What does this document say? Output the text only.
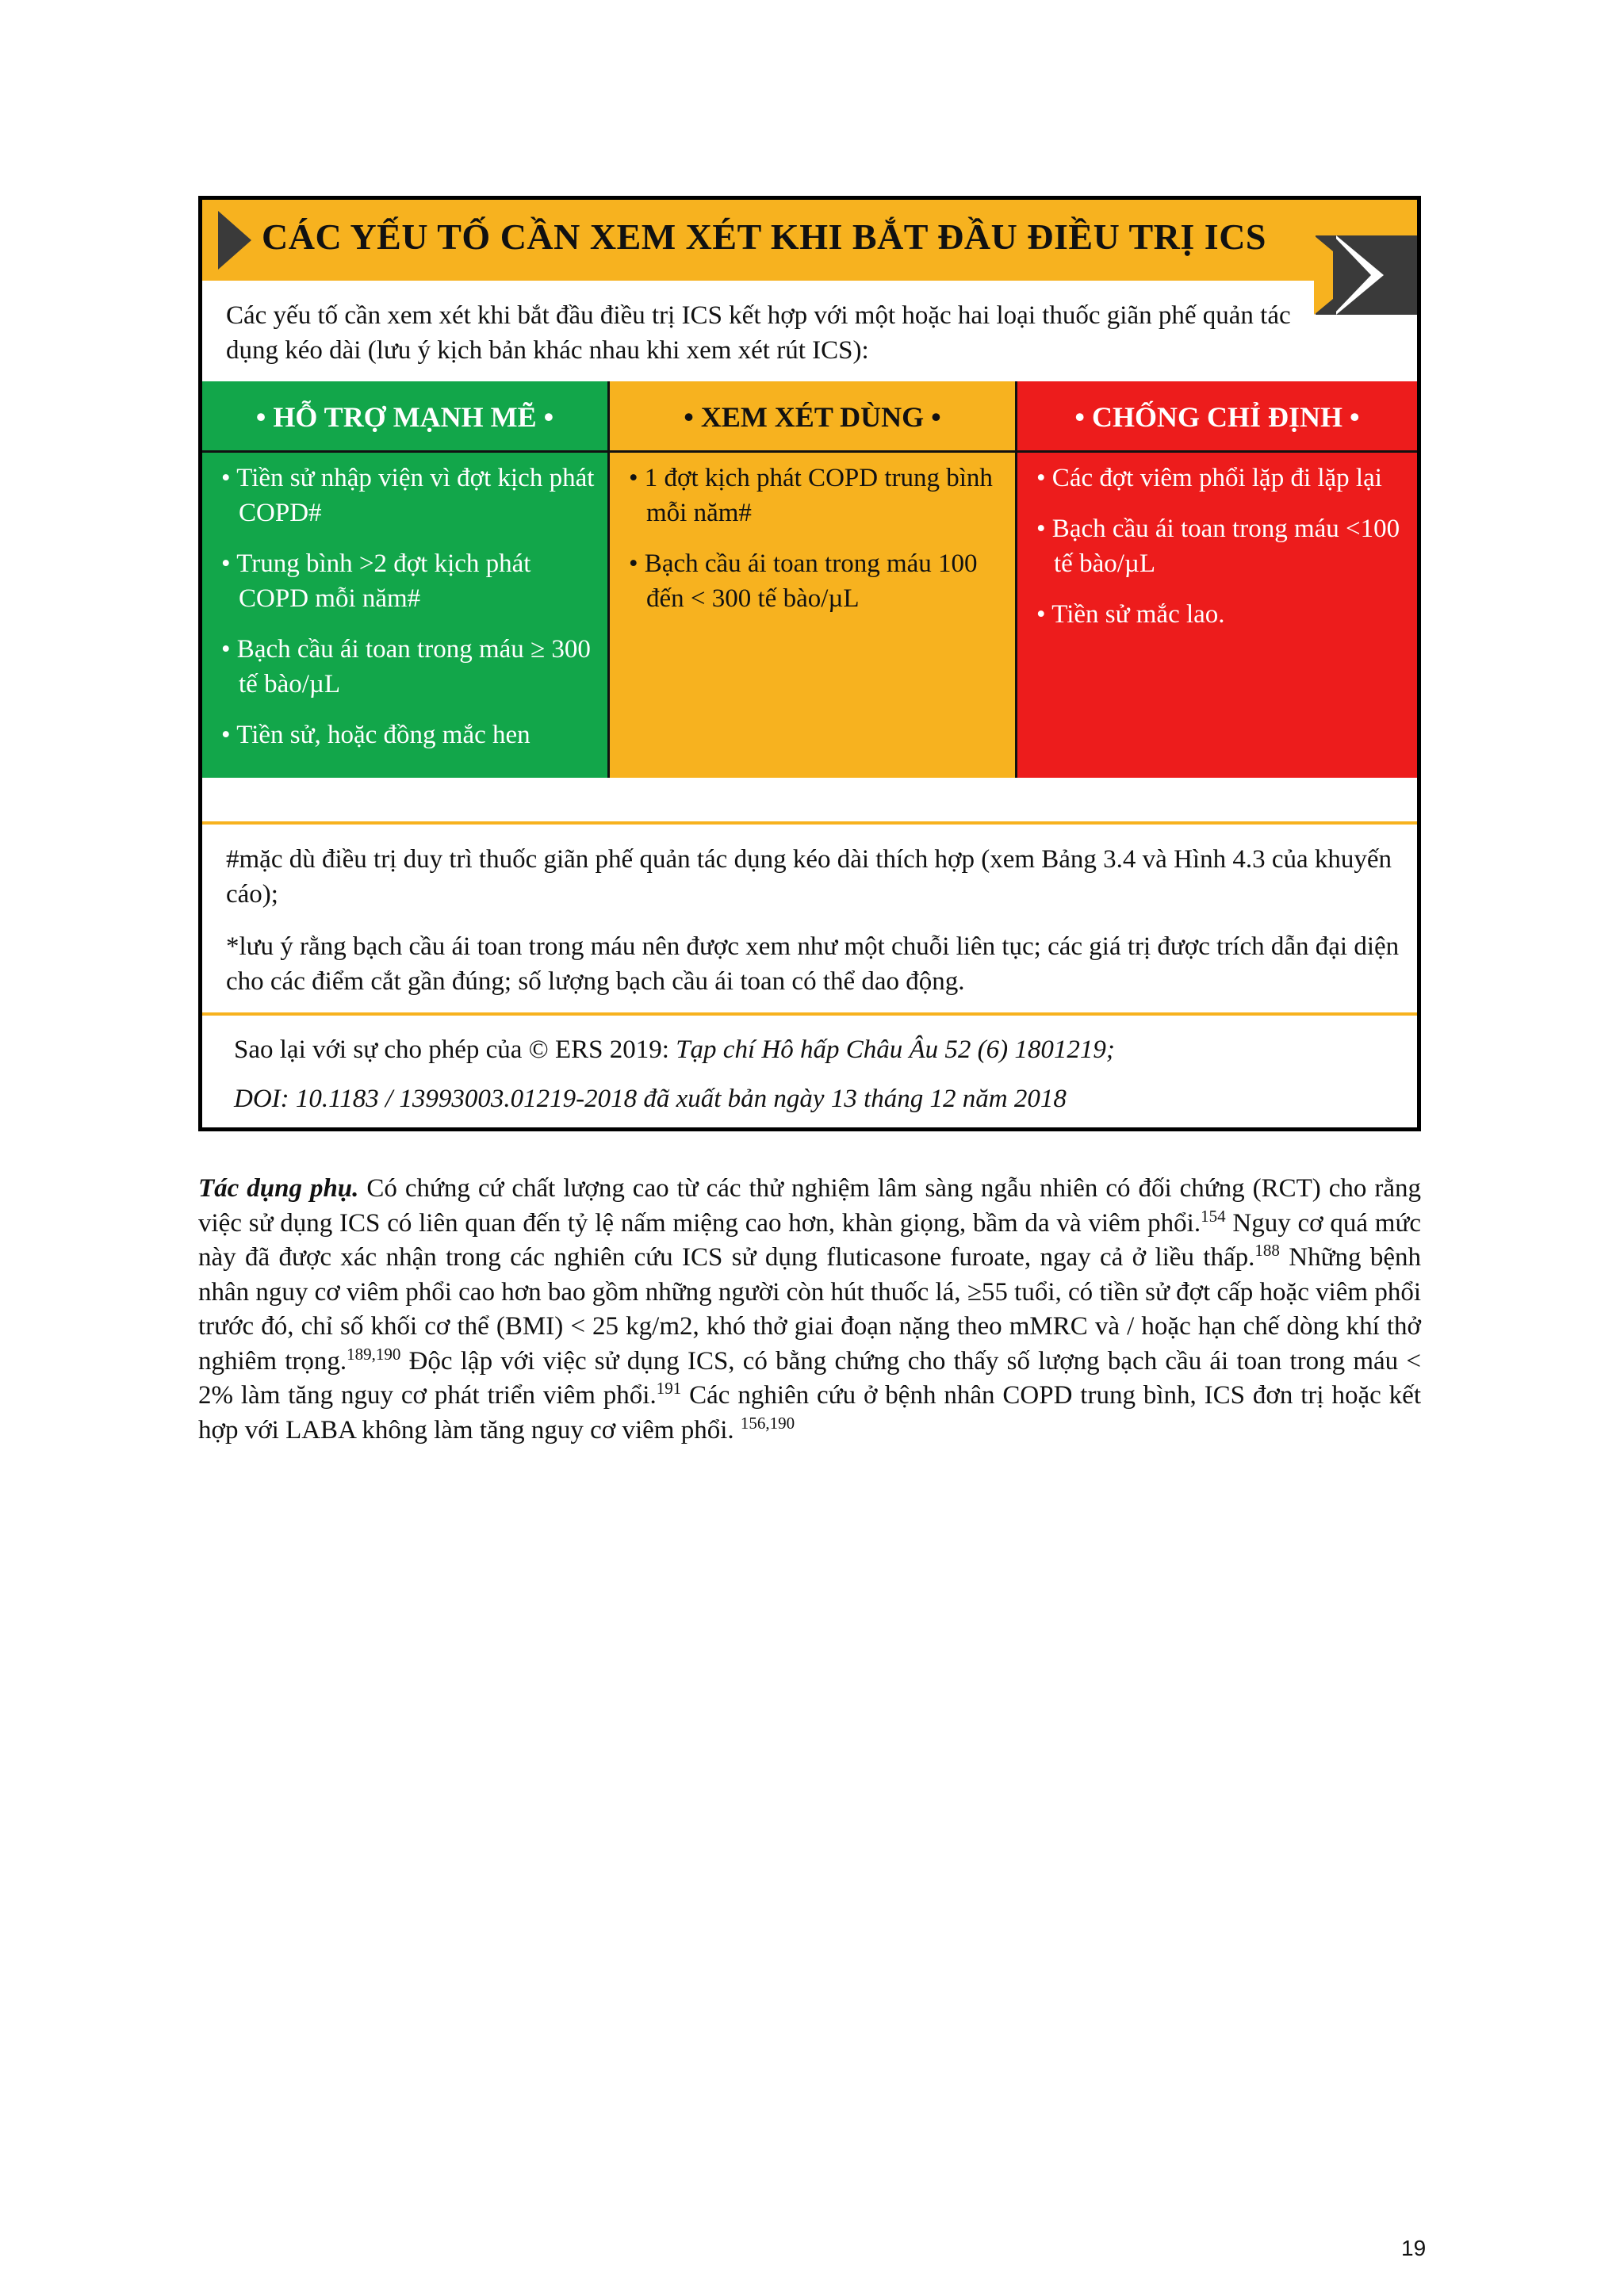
CÁC YẾU TỐ CẦN XEM XÉT KHI BẮT ĐẦU ĐIỀU TRỊ ICS
Các yếu tố cần xem xét khi bắt đầu điều trị ICS kết hợp với một hoặc hai loại thuốc giãn phế quản tác dụng kéo dài (lưu ý kịch bản khác nhau khi xem xét rút ICS):
• HỖ TRỢ MẠNH MẼ •
• Tiền sử nhập viện vì đợt kịch phát COPD#
• Trung bình >2 đợt kịch phát COPD mỗi năm#
• Bạch cầu ái toan trong máu ≥ 300 tế bào/µL
• Tiền sử, hoặc đồng mắc hen
• XEM XÉT DÙNG •
• 1 đợt kịch phát COPD trung bình mỗi năm#
• Bạch cầu ái toan trong máu 100 đến < 300 tế bào/µL
• CHỐNG CHỈ ĐỊNH •
• Các đợt viêm phổi lặp đi lặp lại
• Bạch cầu ái toan trong máu <100 tế bào/µL
• Tiền sử mắc lao.
#mặc dù điều trị duy trì thuốc giãn phế quản tác dụng kéo dài thích hợp (xem Bảng 3.4 và Hình 4.3 của khuyến cáo);
*lưu ý rằng bạch cầu ái toan trong máu nên được xem như một chuỗi liên tục; các giá trị được trích dẫn đại diện cho các điểm cắt gần đúng; số lượng bạch cầu ái toan có thể dao động.
Sao lại với sự cho phép của © ERS 2019: Tạp chí Hô hấp Châu Âu 52 (6) 1801219;
DOI: 10.1183 / 13993003.01219-2018 đã xuất bản ngày 13 tháng 12 năm 2018
Tác dụng phụ. Có chứng cứ chất lượng cao từ các thử nghiệm lâm sàng ngẫu nhiên có đối chứng (RCT) cho rằng việc sử dụng ICS có liên quan đến tỷ lệ nấm miệng cao hơn, khàn giọng, bầm da và viêm phổi.$^{154}$ Nguy cơ quá mức này đã được xác nhận trong các nghiên cứu ICS sử dụng fluticasone furoate, ngay cả ở liều thấp.$^{188}$ Những bệnh nhân nguy cơ viêm phổi cao hơn bao gồm những người còn hút thuốc lá, ≥55 tuổi, có tiền sử đợt cấp hoặc viêm phổi trước đó, chỉ số khối cơ thể (BMI) < 25 kg/m2, khó thở giai đoạn nặng theo mMRC và / hoặc hạn chế dòng khí thở nghiêm trọng.$^{189,190}$ Độc lập với việc sử dụng ICS, có bằng chứng cho thấy số lượng bạch cầu ái toan trong máu < 2% làm tăng nguy cơ phát triển viêm phổi.$^{191}$ Các nghiên cứu ở bệnh nhân COPD trung bình, ICS đơn trị hoặc kết hợp với LABA không làm tăng nguy cơ viêm phổi. $^{156,190}$
19
